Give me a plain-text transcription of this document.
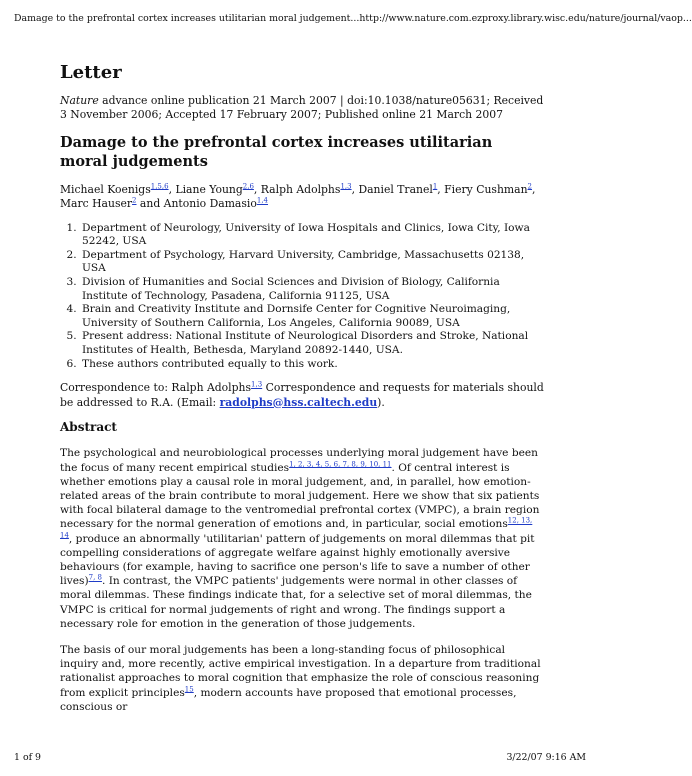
Damage to the prefrontal cortex increases utilitarian moral judgement... http://www.nature.com.ezproxy.library.wisc.edu/nature/journal/vaop...
Letter
Nature advance online publication 21 March 2007 | doi:10.1038/nature05631; Received 3 November 2006; Accepted 17 February 2007; Published online 21 March 2007
Damage to the prefrontal cortex increases utilitarian moral judgements
Michael Koenigs$^{1,5,6}$, Liane Young$^{2,6}$, Ralph Adolphs$^{1,3}$, Daniel Tranel$^1$, Fiery Cushman$^2$, Marc Hauser$^2$ and Antonio Damasio$^{1,4}$
1. Department of Neurology, University of Iowa Hospitals and Clinics, Iowa City, Iowa 52242, USA
2. Department of Psychology, Harvard University, Cambridge, Massachusetts 02138, USA
3. Division of Humanities and Social Sciences and Division of Biology, California Institute of Technology, Pasadena, California 91125, USA
4. Brain and Creativity Institute and Dornsife Center for Cognitive Neuroimaging, University of Southern California, Los Angeles, California 90089, USA
5. Present address: National Institute of Neurological Disorders and Stroke, National Institutes of Health, Bethesda, Maryland 20892-1440, USA.
6. These authors contributed equally to this work.
Correspondence to: Ralph Adolphs$^{1,3}$ Correspondence and requests for materials should be addressed to R.A. (Email: radolphs@hss.caltech.edu).
Abstract

The psychological and neurobiological processes underlying moral judgement have been the focus of many recent empirical studies$^{1, 2, 3, 4, 5, 6, 7, 8, 9, 10, 11}$. Of central interest is whether emotions play a causal role in moral judgement, and, in parallel, how emotion-related areas of the brain contribute to moral judgement. Here we show that six patients with focal bilateral damage to the ventromedial prefrontal cortex (VMPC), a brain region necessary for the normal generation of emotions and, in particular, social emotions$^{12, 13, 14}$, produce an abnormally 'utilitarian' pattern of judgements on moral dilemmas that pit compelling considerations of aggregate welfare against highly emotionally aversive behaviours (for example, having to sacrifice one person's life to save a number of other lives)$^{7, 8}$. In contrast, the VMPC patients' judgements were normal in other classes of moral dilemmas. These findings indicate that, for a selective set of moral dilemmas, the VMPC is critical for normal judgements of right and wrong. The findings support a necessary role for emotion in the generation of those judgements.

The basis of our moral judgements has been a long-standing focus of philosophical inquiry and, more recently, active empirical investigation. In a departure from traditional rationalist approaches to moral cognition that emphasize the role of conscious reasoning from explicit principles$^{15}$, modern accounts have proposed that emotional processes, conscious or

1 of 9	3/22/07 9:16 AM
